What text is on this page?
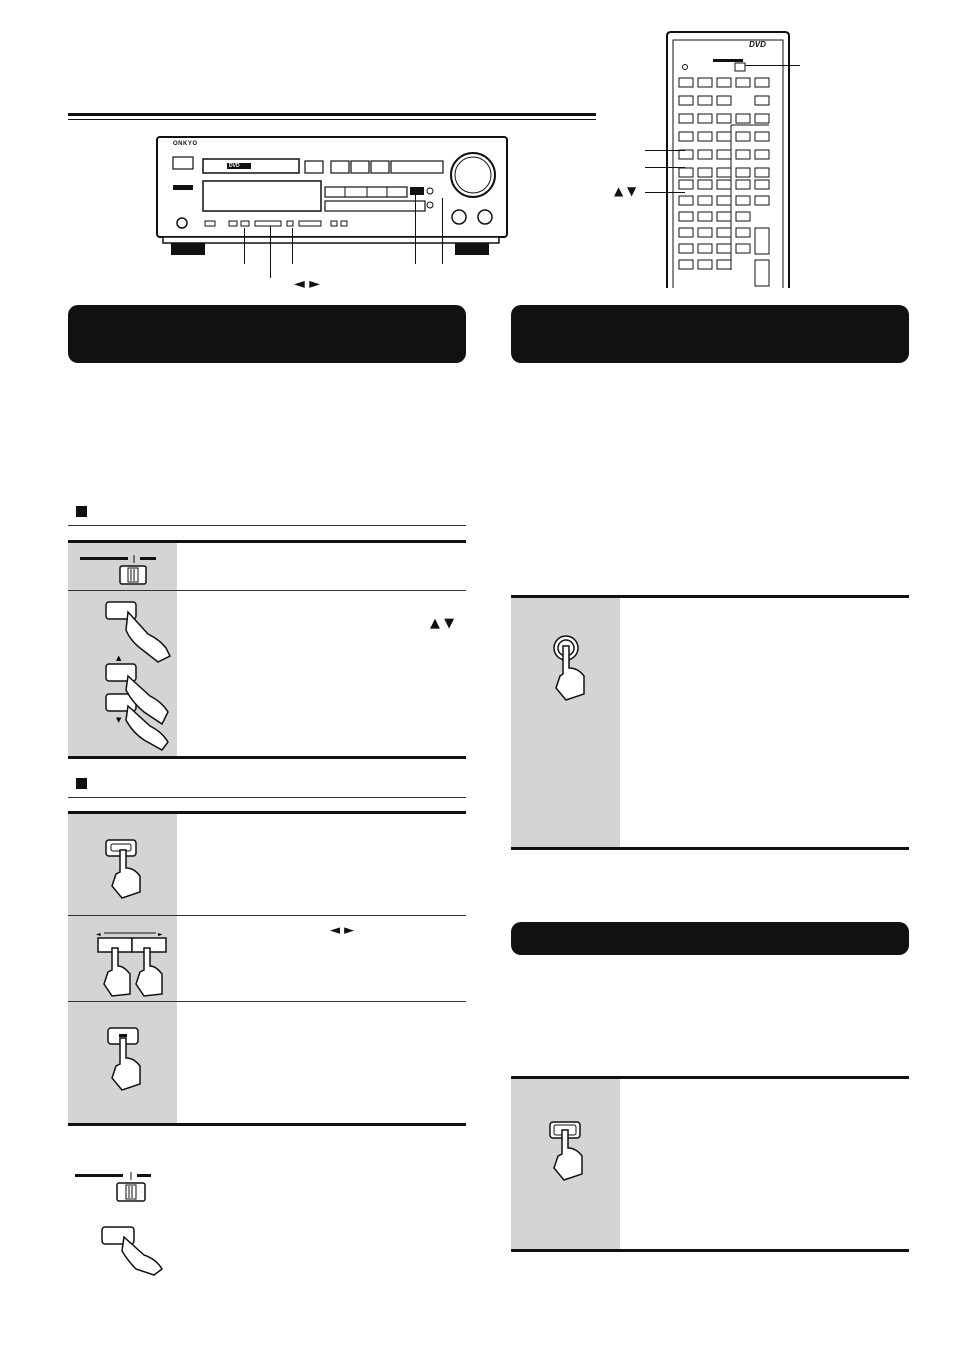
ONKYO
DVD
◄ ►
DVD
▲ ▼
▲
▼
▲ ▼
◄	►	◄ ►
